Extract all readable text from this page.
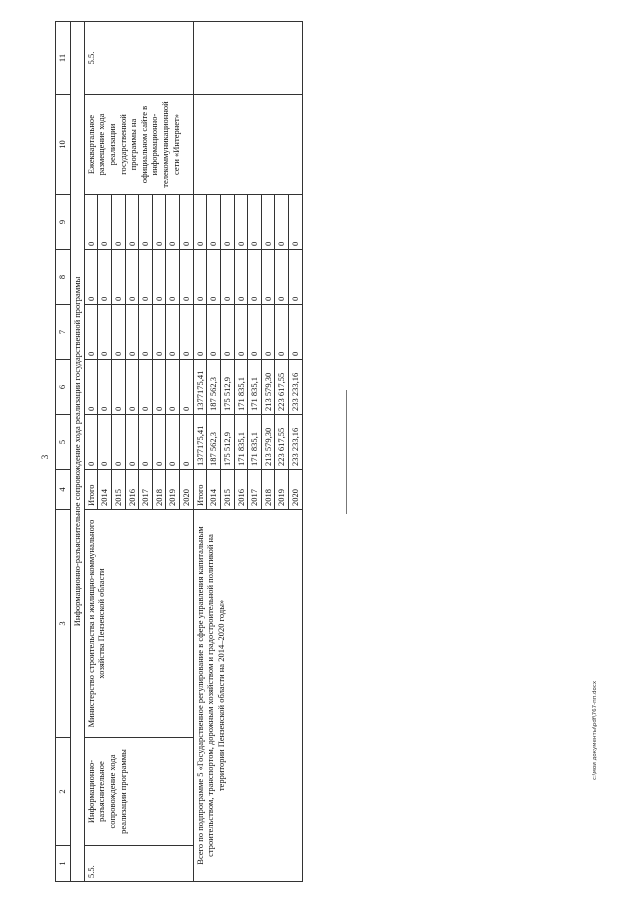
3
1	2	3	4	5	6	7	8	9	10	11
Информационно-разъяснительное сопровождение хода реализации государственной программы										
5.5.	Информационно-разъяснительное сопровождение хода реализации программы	Министерство строительства и жилищно-коммунального хозяйства Пензенской области	Итого	0	0	0	0	0	Ежеквартальное размещение хода реализации государственной программы на официальном сайте в информационно-телекоммуникационной сети «Интернет»	5.5.
			2014	0	0	0	0	0		
			2015	0	0	0	0	0		
			2016	0	0	0	0	0		
			2017	0	0	0	0	0		
			2018	0	0	0	0	0		
			2019	0	0	0	0	0		
			2020	0	0	0	0	0		
Всего по подпрограмме 5 «Государственное регулирование в сфере управления капитальным строительством, транспортом, дорожным хозяйством и градостроительной политикой на территории Пензенской области на 2014–2020 годы»			Итого	1377175,41	1377175,41	0	0	0		
			2014	187 562,3	187 562,3	0	0	0		
			2015	175 512,9	175 512,9	0	0	0		
			2016	171 835,1	171 835,1	0	0	0		
			2017	171 835,1	171 835,1	0	0	0		
			2018	213 579,30	213 579,30	0	0	0		
			2019	223 617,55	223 617,55	0	0	0		
			2020	233 233,16	233 233,16	0	0	0		
c:\мои документы\pdf\767-пп.docx
